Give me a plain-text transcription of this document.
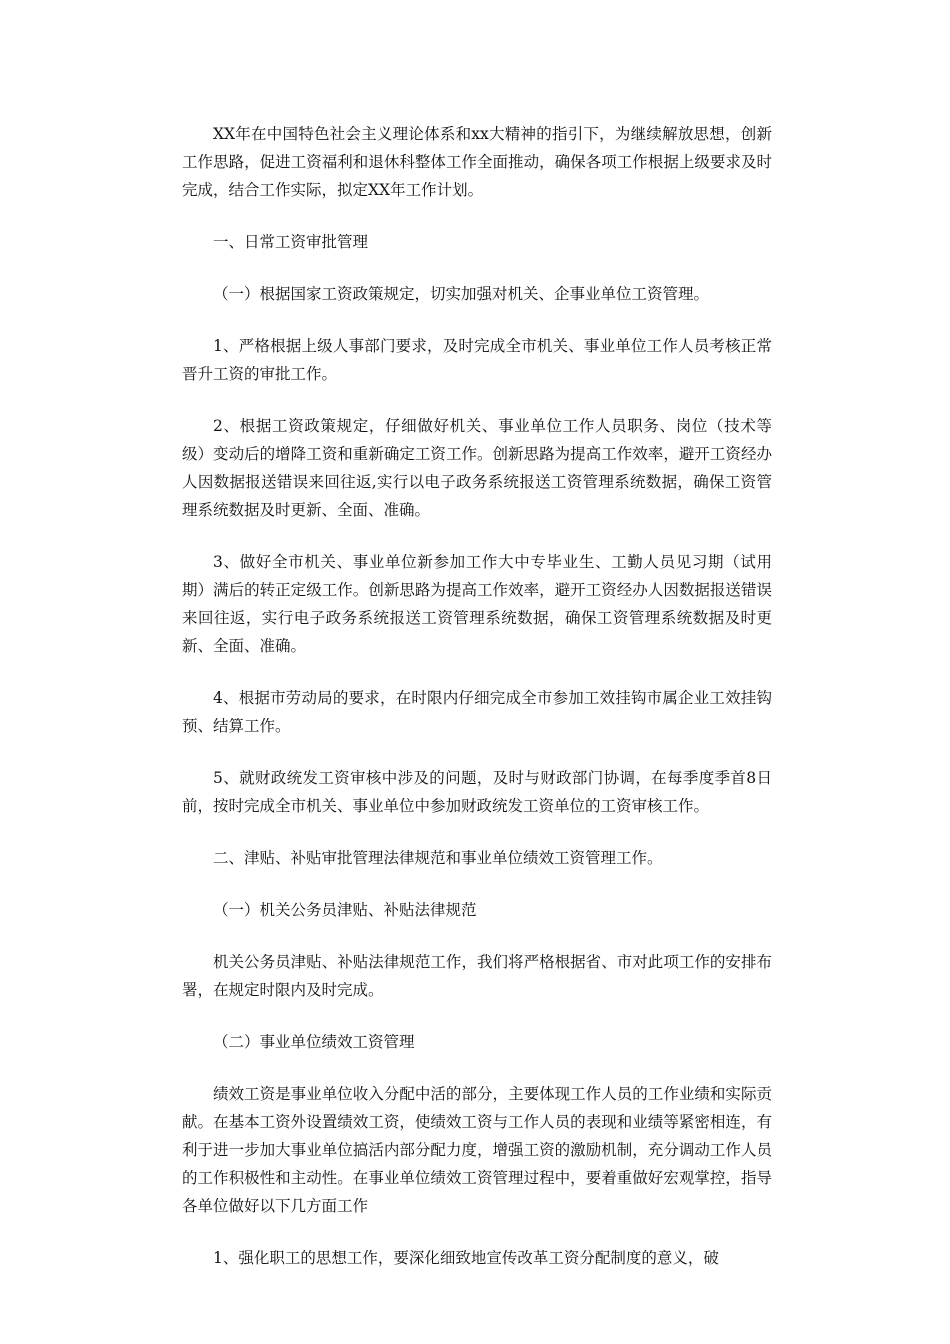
XX年在中国特色社会主义理论体系和xx大精神的指引下，为继续解放思想，创新工作思路，促进工资福利和退休科整体工作全面推动，确保各项工作根据上级要求及时完成，结合工作实际，拟定XX年工作计划。

一、日常工资审批管理

（一）根据国家工资政策规定，切实加强对机关、企事业单位工资管理。

1、严格根据上级人事部门要求，及时完成全市机关、事业单位工作人员考核正常晋升工资的审批工作。

2、根据工资政策规定，仔细做好机关、事业单位工作人员职务、岗位（技术等级）变动后的增降工资和重新确定工资工作。创新思路为提高工作效率，避开工资经办人因数据报送错误来回往返,实行以电子政务系统报送工资管理系统数据，确保工资管理系统数据及时更新、全面、准确。

3、做好全市机关、事业单位新参加工作大中专毕业生、工勤人员见习期（试用期）满后的转正定级工作。创新思路为提高工作效率，避开工资经办人因数据报送错误来回往返，实行电子政务系统报送工资管理系统数据，确保工资管理系统数据及时更新、全面、准确。

4、根据市劳动局的要求，在时限内仔细完成全市参加工效挂钩市属企业工效挂钩预、结算工作。

5、就财政统发工资审核中涉及的问题，及时与财政部门协调，在每季度季首8日前，按时完成全市机关、事业单位中参加财政统发工资单位的工资审核工作。

二、津贴、补贴审批管理法律规范和事业单位绩效工资管理工作。

（一）机关公务员津贴、补贴法律规范

机关公务员津贴、补贴法律规范工作，我们将严格根据省、市对此项工作的安排布署，在规定时限内及时完成。

（二）事业单位绩效工资管理

绩效工资是事业单位收入分配中活的部分，主要体现工作人员的工作业绩和实际贡献。在基本工资外设置绩效工资，使绩效工资与工作人员的表现和业绩等紧密相连，有利于进一步加大事业单位搞活内部分配力度，增强工资的激励机制，充分调动工作人员的工作积极性和主动性。在事业单位绩效工资管理过程中，要着重做好宏观掌控，指导各单位做好以下几方面工作

1、强化职工的思想工作，要深化细致地宣传改革工资分配制度的意义，破
